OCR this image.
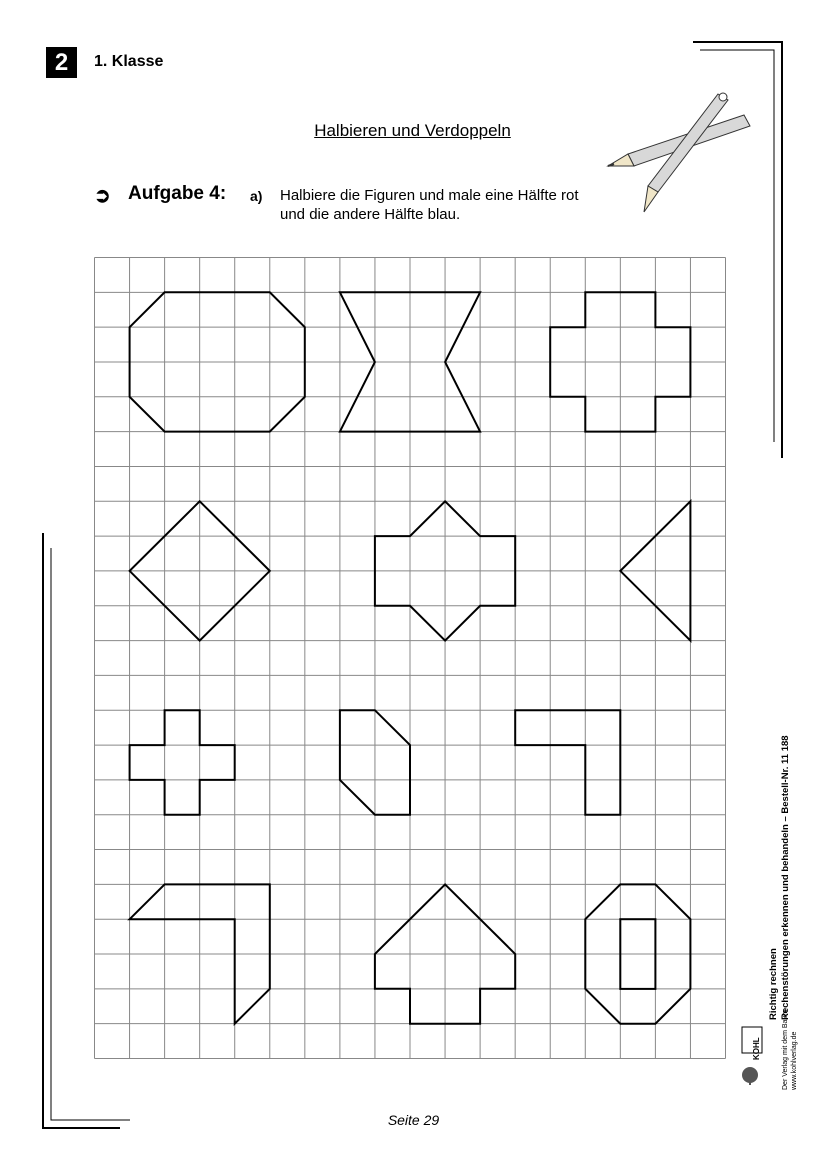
2	1. Klasse
Halbieren und Verdoppeln
➲ Aufgabe 4: a) Halbiere die Figuren und male eine Hälfte rot
und die andere Hälfte blau.
Richtig rechnen Rechenstörungen erkennen und behandeln – Bestell-Nr. 11 188
KOHL	Der Verlag mit dem Baum www.kohlverlag.de
Seite 29
